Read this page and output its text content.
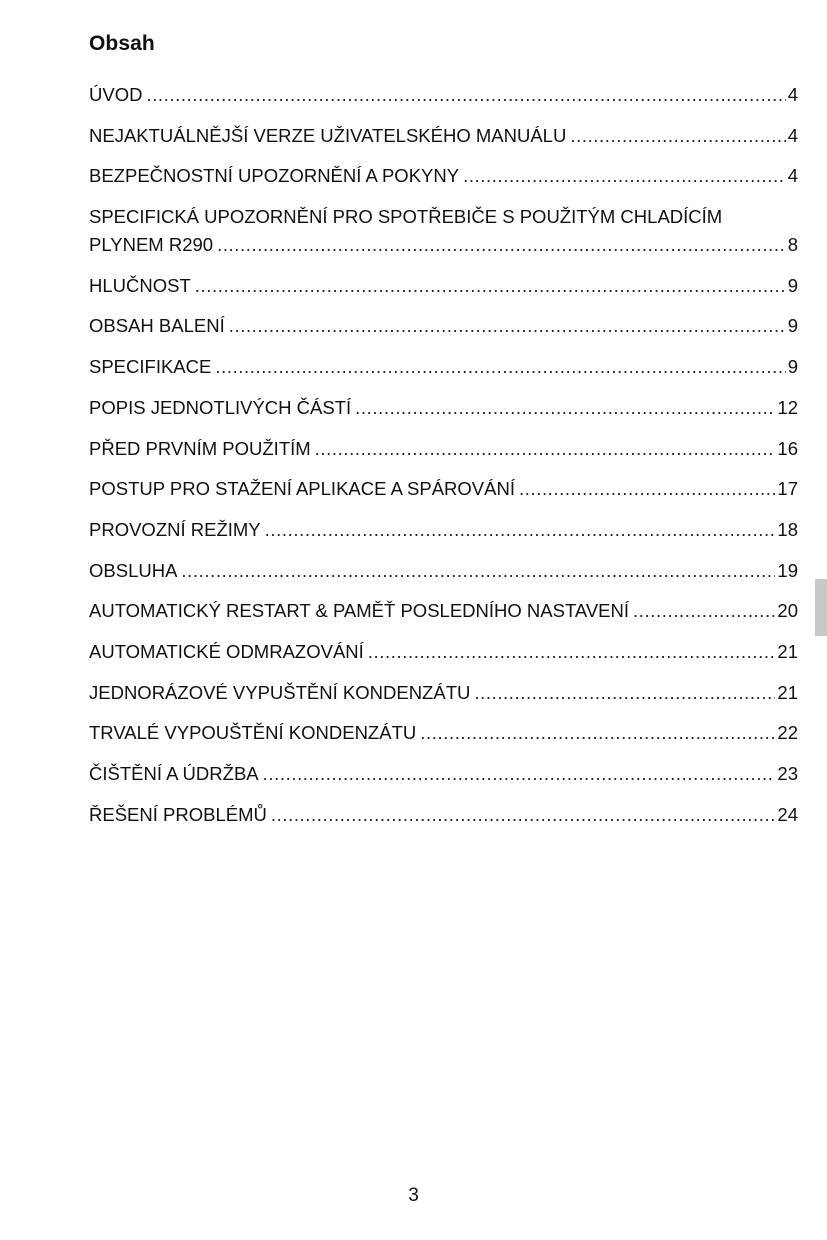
Obsah
ÚVOD .....	4
NEJAKTUÁLNĚJŠÍ VERZE UŽIVATELSKÉHO MANUÁLU .....	4
BEZPEČNOSTNÍ UPOZORNĚNÍ A POKYNY .....	4
SPECIFICKÁ UPOZORNĚNÍ PRO SPOTŘEBIČE S POUŽITÝM CHLADÍCÍM
PLYNEM R290 .....	8
HLUČNOST .....	9
OBSAH BALENÍ .....	9
SPECIFIKACE .....	9
POPIS JEDNOTLIVÝCH ČÁSTÍ .....	12
PŘED PRVNÍM POUŽITÍM .....	16
POSTUP PRO STAŽENÍ APLIKACE A SPÁROVÁNÍ .....	17
PROVOZNÍ REŽIMY .....	18
OBSLUHA .....	19
AUTOMATICKÝ RESTART & PAMĚŤ POSLEDNÍHO NASTAVENÍ .....	20
AUTOMATICKÉ ODMRAZOVÁNÍ .....	21
JEDNORÁZOVÉ VYPUŠTĚNÍ KONDENZÁTU .....	21
TRVALÉ VYPOUŠTĚNÍ KONDENZÁTU .....	22
ČIŠTĚNÍ A ÚDRŽBA .....	23
ŘEŠENÍ PROBLÉMŮ .....	24
3
